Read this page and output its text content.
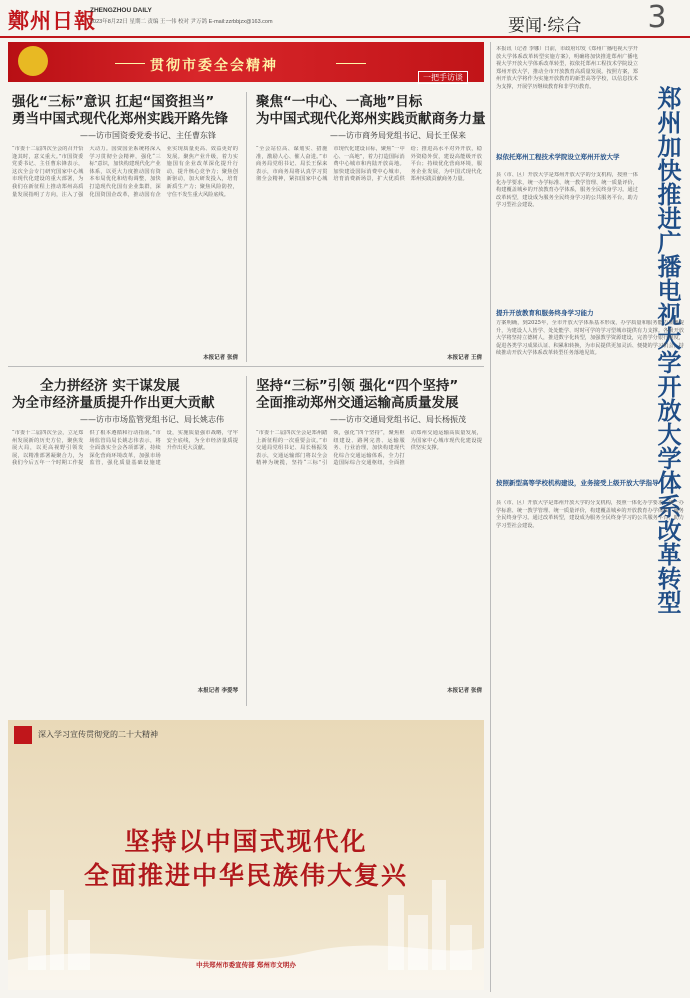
鄭州日報
ZHENGZHOU DAILY
2023年8月22日 星期二 责编 王一伟 校对 尹万鸽 E-mail:zzrbbjzx@163.com	要闻·综合	3
贯彻市委全会精神
一把手访谈
强化“三标”意识 扛起“国资担当”
勇当中国式现代化郑州实践开路先锋
——访市国资委党委书记、主任曹东锋
“市委十二届四次全会的召开恰逢其时，意义重大。”市国资委党委书记、主任曹东锋表示，这次全会专门研究国家中心城市现代化建设的重大部署，为我们在新征程上推动郑州高质量发展指明了方向，注入了强大动力。国资国企系统将深入学习贯彻全会精神，强化“三标”意识，加快构建现代化产业体系，以更大力度推动国有资本布局优化和结构调整，加快打造现代化国有企业集群，深化国资国企改革，推动国有企业实现质量更高、效益更好的发展。聚焦产业升级，着力实施国有企业改革深化提升行动，提升核心竞争力；聚焦创新驱动，加大研发投入，培育新质生产力；聚焦风险防控，守住不发生重大风险底线。
本报记者 张倩
聚焦“一中心、一高地”目标
为中国式现代化郑州实践贡献商务力量
——访市商务局党组书记、局长王保来
“全会站位高、谋划实、措施准，激励人心、催人奋进。”市商务局党组书记、局长王保来表示，市商务局将认真学习贯彻全会精神，紧扣国家中心城市现代化建设目标，聚焦“一中心、一高地”，着力打造国际消费中心城市和内陆开放高地。加快建设国际消费中心城市，培育消费新场景，扩大优质供给；推进高水平对外开放，稳外资稳外贸，建设高能级开放平台；持续优化营商环境，服务企业发展，为中国式现代化郑州实践贡献商务力量。
本报记者 王倩
全力拼经济 实干谋发展
为全市经济量质提升作出更大贡献
——访市市场监管党组书记、局长姚志伟
“市委十二届四次全会，立足郑州发展新的历史方位，聚焦发展大局，以更高视野引领发展，以精准部署凝聚合力，为我们今后五年一个时期工作提供了根本遵循和行动指南。”市场监管局局长姚志伟表示，将全面落实全会各项部署，持续深化营商环境改革，加强市场监管，强化质量基础设施建设，实施质量强市战略，守牢安全底线，为全市经济量质提升作出更大贡献。
本报记者 李爱琴
坚持“三标”引领 强化“四个坚持”
全面推动郑州交通运输高质量发展
——访市交通局党组书记、局长杨振茂
“市委十二届四次全会是郑州踏上新征程的一次重要会议。”市交通局党组书记、局长杨振茂表示，交通运输部门将以全会精神为统揽，坚持“三标”引领，强化“四个坚持”，聚焦枢纽建设、路网完善、运输服务、行业治理，加快构建现代化综合交通运输体系，全力打造国际综合交通枢纽，全面推动郑州交通运输高质量发展，为国家中心城市现代化建设提供坚实支撑。
本报记者 张倩
郑州加快推进广播电视大学开放大学体系改革转型
本报讯（记者 李娜）日前，市政府印发《郑州广播电视大学开放大学体系改革转型实施方案》，明确将加快推进郑州广播电视大学开放大学体系改革转型，拟依托郑州工程技术学院设立郑州开放大学，推动全市开放教育高质量发展。按照方案，郑州开放大学将作为实施开放教育的新型高等学校，以信息技术为支撑，开展学历继续教育和非学历教育。
拟依托郑州工程技术学院设立郑州开放大学
县（市、区）开放大学是郑州开放大学的分支机构，按照一体化办学要求，统一办学标准、统一教学管理、统一质量评价，构建覆盖城乡的开放教育办学体系，服务全民终身学习。通过改革转型，建设成为服务全民终身学习的公共服务平台，助力学习型社会建设。
提升开放教育和服务终身学习能力
方案明确，到2025年，全市开放大学体系基本形成，办学质量和服务能力显著提升，为建设人人皆学、处处能学、时时可学的学习型城市提供有力支撑。各级开放大学将坚持立德树人，推进数字化转型，加强教学资源建设，完善学分银行制度，促进各类学习成果认证、积累和转换，为市民提供更加灵活、便捷的学习机会，持续推动开放大学体系改革转型任务落地见效。
按照新型高等学校机构建设，业务接受上级开放大学指导
县（市、区）开放大学是郑州开放大学的分支机构，按照一体化办学要求，统一办学标准、统一教学管理、统一质量评价，构建覆盖城乡的开放教育办学体系，服务全民终身学习。通过改革转型，建设成为服务全民终身学习的公共服务平台，助力学习型社会建设。
深入学习宣传贯彻党的二十大精神
坚持以中国式现代化
全面推进中华民族伟大复兴
中共郑州市委宣传部 郑州市文明办
